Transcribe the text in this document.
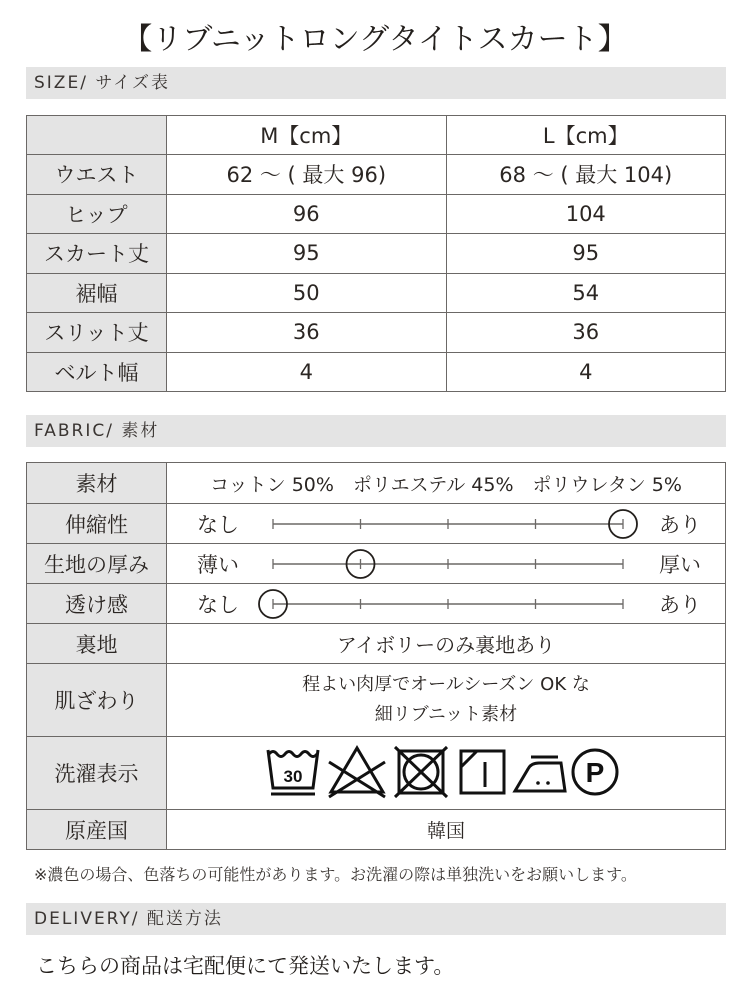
【リブニットロングタイトスカート】
SIZE/ サイズ表
	M【cm】	L【cm】
ウエスト	62 〜 ( 最大 96)	68 〜 ( 最大 104)
ヒップ	96	104
スカート丈	95	95
裾幅	50	54
スリット丈	36	36
ベルト幅	4	4
FABRIC/ 素材
素材	コットン 50%　ポリエステル 45%　ポリウレタン 5%
伸縮性	なし あり

生地の厚み	薄い 厚い

透け感	なし あり

裏地	アイボリーのみ裏地あり
肌ざわり	程よい肉厚でオールシーズン OK な
細リブニット素材

洗濯表示	30 P

原産国	韓国
※濃色の場合、色落ちの可能性があります。お洗濯の際は単独洗いをお願いします。
DELIVERY/ 配送方法
こちらの商品は宅配便にて発送いたします。
